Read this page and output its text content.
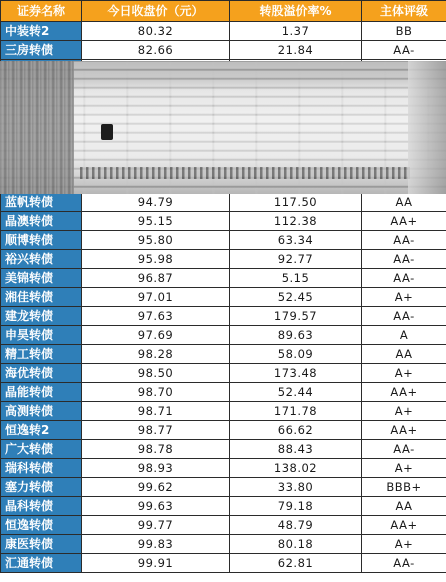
证券名称	今日收盘价（元）	转股溢价率%	主体评级
中装转2	80.32	1.37	BB
三房转债	82.66	21.84	AA-

蓝帆转债	94.79	117.50	AA
晶澳转债	95.15	112.38	AA+
顺博转债	95.80	63.34	AA-
裕兴转债	95.98	92.77	AA-
美锦转债	96.87	5.15	AA-
湘佳转债	97.01	52.45	A+
建龙转债	97.63	179.57	AA-
申昊转债	97.69	89.63	A
精工转债	98.28	58.09	AA
海优转债	98.50	173.48	A+
晶能转债	98.70	52.44	AA+
高测转债	98.71	171.78	A+
恒逸转2	98.77	66.62	AA+
广大转债	98.78	88.43	AA-
瑞科转债	98.93	138.02	A+
塞力转债	99.62	33.80	BBB+
晶科转债	99.63	79.18	AA
恒逸转债	99.77	48.79	AA+
康医转债	99.83	80.18	A+
汇通转债	99.91	62.81	AA-
